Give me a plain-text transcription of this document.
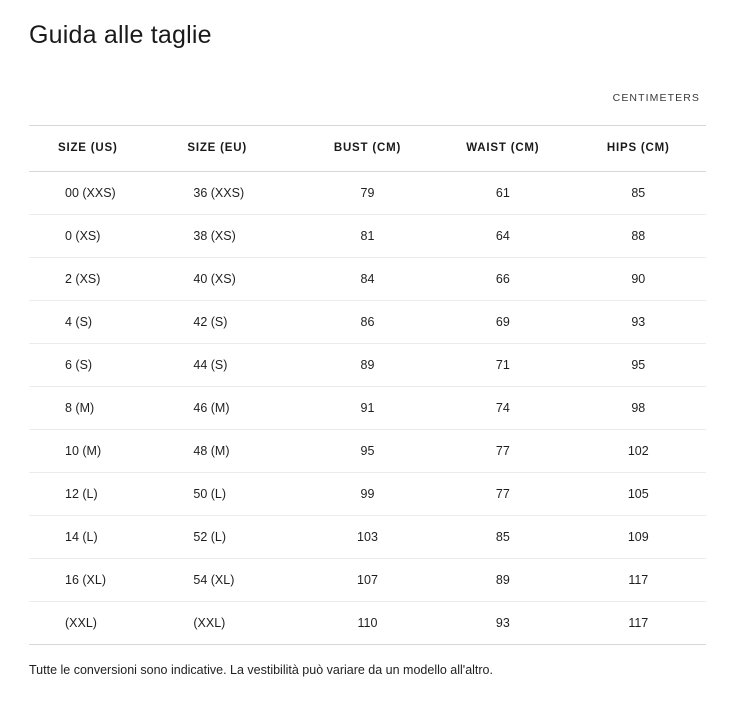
Guida alle taglie
CENTIMETERS
SIZE (US)	SIZE (EU)	BUST (CM)	WAIST (CM)	HIPS (CM)
00 (XXS)	36 (XXS)	79	61	85
0 (XS)	38 (XS)	81	64	88
2 (XS)	40 (XS)	84	66	90
4 (S)	42 (S)	86	69	93
6 (S)	44 (S)	89	71	95
8 (M)	46 (M)	91	74	98
10 (M)	48 (M)	95	77	102
12 (L)	50 (L)	99	77	105
14 (L)	52 (L)	103	85	109
16 (XL)	54 (XL)	107	89	117
(XXL)	(XXL)	110	93	117

Tutte le conversioni sono indicative. La vestibilità può variare da un modello all'altro.
